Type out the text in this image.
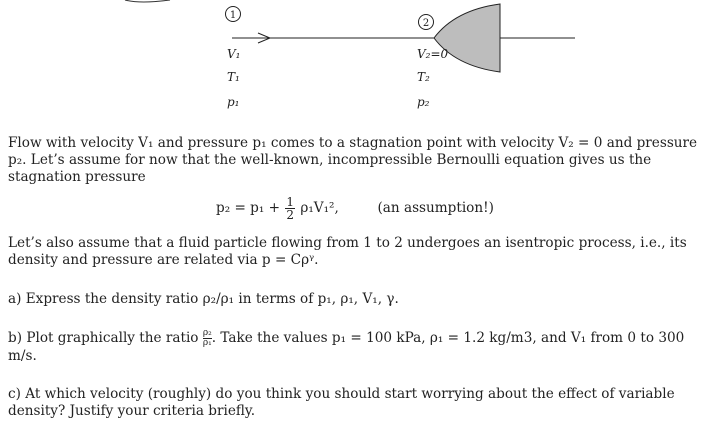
1
V₁
T₁
p₁
2
V₂=0
T₂
p₂
Flow with velocity V₁ and pressure p₁ comes to a stagnation point with velocity V₂ = 0 and pressure p₂. Let’s assume for now that the well-known, incompressible Bernoulli equation gives us the stagnation pressure
$p_2 = p_1 + \frac{1}{2} \rho_1V_1^2$,	(an assumption!)
Let’s also assume that a fluid particle flowing from 1 to 2 undergoes an isentropic process, i.e., its density and pressure are related via p = Cρᵞ.
a) Express the density ratio ρ₂/ρ₁ in terms of p₁, ρ₁, V₁, γ.
b) Plot graphically the ratio $\frac{\text{ρ₂}}{\text{ρ₁}}$. Take the values p₁ = 100 kPa, ρ₁ = 1.2 kg/m3, and V₁ from 0 to 300 m/s.
c) At which velocity (roughly) do you think you should start worrying about the effect of variable density? Justify your criteria briefly.
